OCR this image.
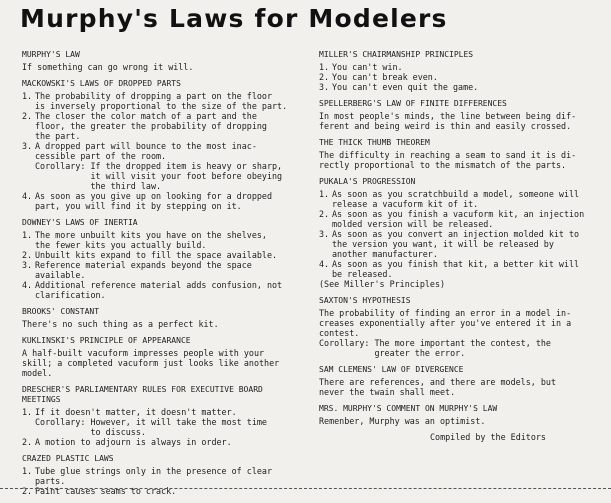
Murphy's Laws for Modelers
MURPHY'S LAW
If something can go wrong it will.
MACKOWSKI'S LAWS OF DROPPED PARTS
1. The probability of dropping a part on the floor
is inversely proportional to the size of the part.
2. The closer the color match of a part and the
floor, the greater the probability of dropping
the part.
3. A dropped part will bounce to the most inac-
cessible part of the room.
Corollary: If the dropped item is heavy or sharp,
it will visit your foot before obeying
the third law.
4. As soon as you give up on looking for a dropped
part, you will find it by stepping on it.
DOWNEY'S LAWS OF INERTIA
1. The more unbuilt kits you have on the shelves,
the fewer kits you actually build.
2. Unbuilt kits expand to fill the space available.
3. Reference material expands beyond the space
available.
4. Additional reference material adds confusion, not
clarification.
BROOKS' CONSTANT
There's no such thing as a perfect kit.
KUKLINSKI'S PRINCIPLE OF APPEARANCE
A half-built vacuform impresses people with your
skill; a completed vacuform just looks like another
model.
DRESCHER'S PARLIAMENTARY RULES FOR EXECUTIVE BOARD
MEETINGS
1. If it doesn't matter, it doesn't matter.
Corollary: However, it will take the most time
to discuss.
2. A motion to adjourn is always in order.
CRAZED PLASTIC LAWS
1. Tube glue strings only in the presence of clear
parts.
2. Paint causes seams to crack.
MILLER'S CHAIRMANSHIP PRINCIPLES
1. You can't win.
2. You can't break even.
3. You can't even quit the game.
SPELLERBERG'S LAW OF FINITE DIFFERENCES
In most people's minds, the line between being dif-
ferent and being weird is thin and easily crossed.
THE THICK THUMB THEOREM
The difficulty in reaching a seam to sand it is di-
rectly proportional to the mismatch of the parts.
PUKALA'S PROGRESSION
1. As soon as you scratchbuild a model, someone will
release a vacuform kit of it.
2. As soon as you finish a vacuform kit, an injection
molded version will be released.
3. As soon as you convert an injection molded kit to
the version you want, it will be released by
another manufacturer.
4. As soon as you finish that kit, a better kit will
be released.
(See Miller's Principles)
SAXTON'S HYPOTHESIS
The probability of finding an error in a model in-
creases exponentially after you've entered it in a
contest.
Corollary: The more important the contest, the
greater the error.
SAM CLEMENS' LAW OF DIVERGENCE
There are references, and there are models, but
never the twain shall meet.
MRS. MURPHY'S COMMENT ON MURPHY'S LAW
Remenber, Murphy was an optimist.
Compiled by the Editors
